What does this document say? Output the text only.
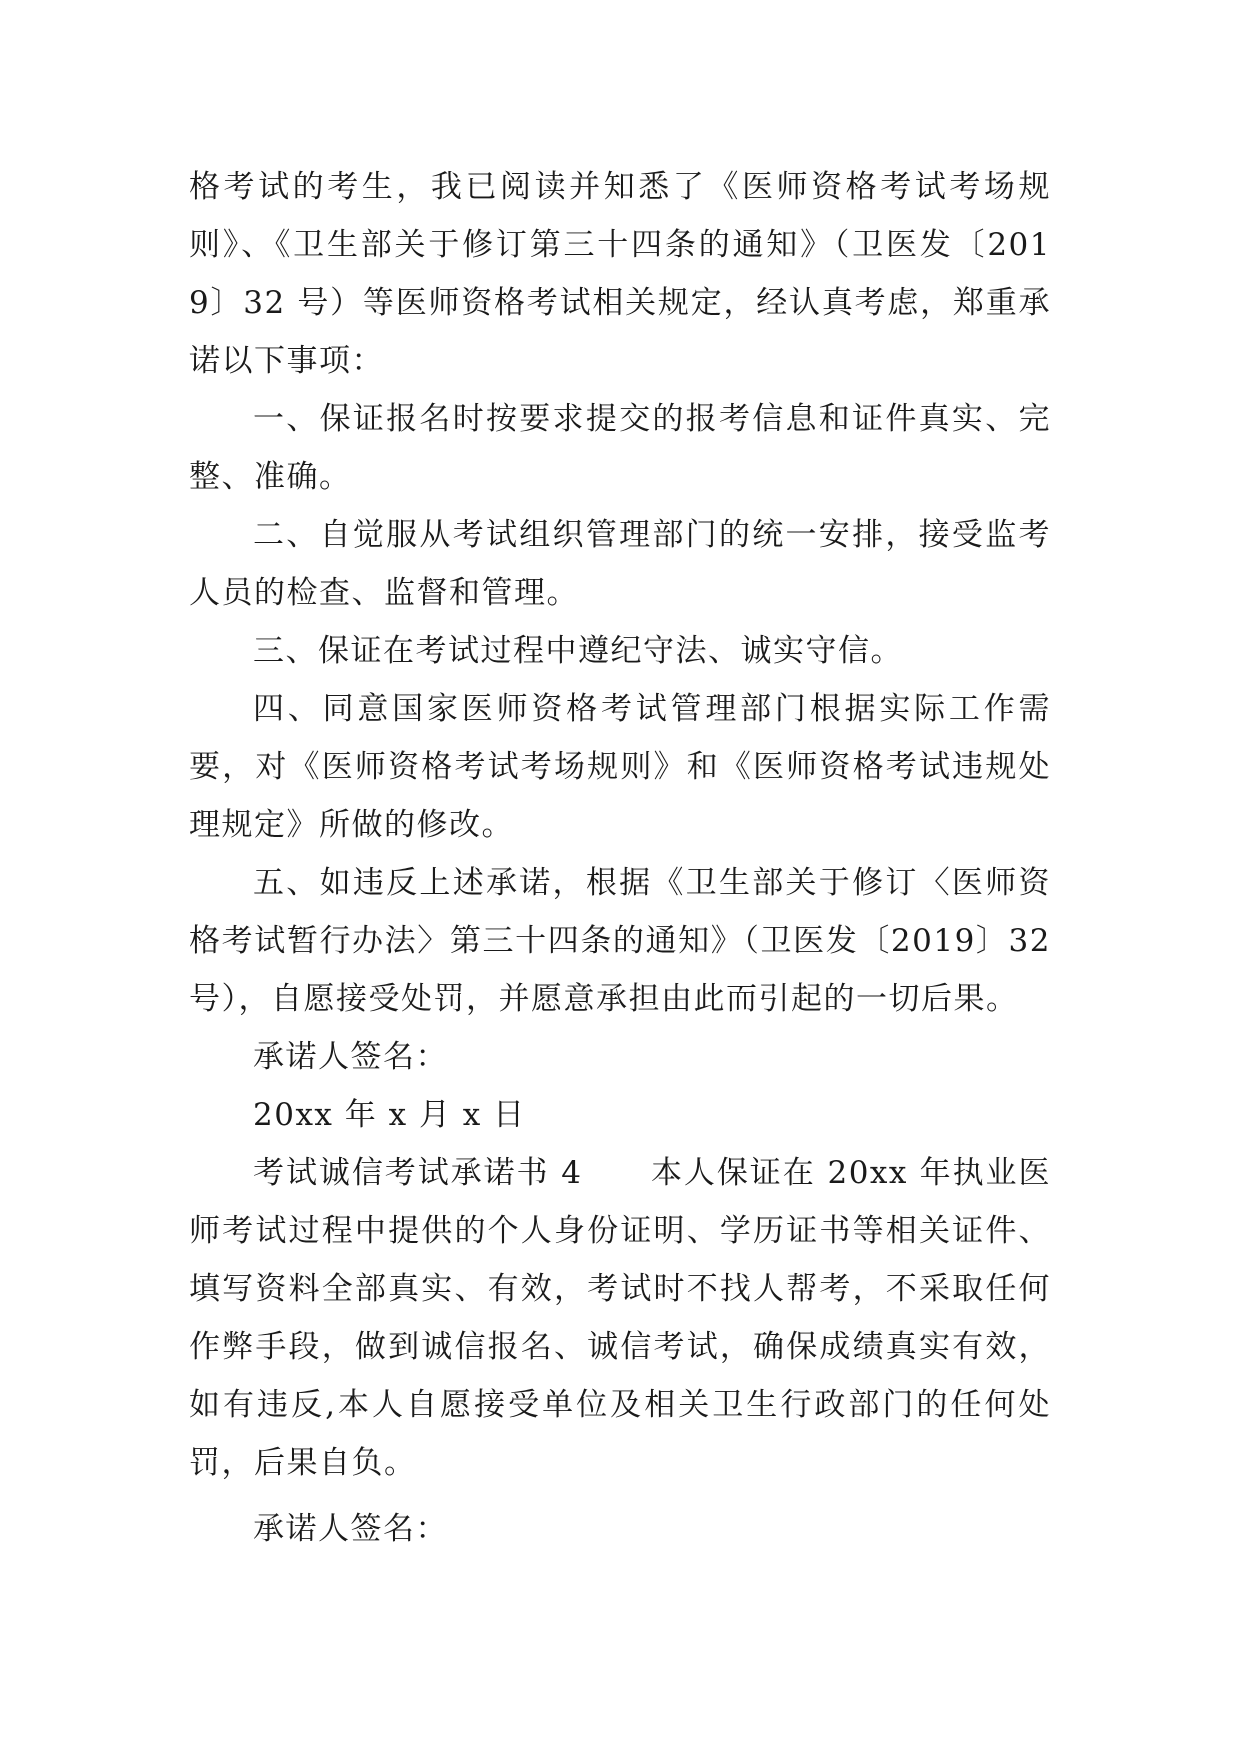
格考试的考生，我已阅读并知悉了《医师资格考试考场规则》、《卫生部关于修订第三十四条的通知》（卫医发〔2019〕32 号）等医师资格考试相关规定，经认真考虑，郑重承诺以下事项：

一、保证报名时按要求提交的报考信息和证件真实、完整、准确。

二、自觉服从考试组织管理部门的统一安排，接受监考人员的检查、监督和管理。

三、保证在考试过程中遵纪守法、诚实守信。

四、同意国家医师资格考试管理部门根据实际工作需要，对《医师资格考试考场规则》和《医师资格考试违规处理规定》所做的修改。

五、如违反上述承诺，根据《卫生部关于修订〈医师资格考试暂行办法〉第三十四条的通知》（卫医发〔2019〕32 号），自愿接受处罚，并愿意承担由此而引起的一切后果。

承诺人签名：

20xx 年 x 月 x 日

考试诚信考试承诺书 4 本人保证在 20xx 年执业医师考试过程中提供的个人身份证明、学历证书等相关证件、填写资料全部真实、有效，考试时不找人帮考，不采取任何作弊手段，做到诚信报名、诚信考试，确保成绩真实有效，如有违反,本人自愿接受单位及相关卫生行政部门的任何处罚，后果自负。

承诺人签名：
